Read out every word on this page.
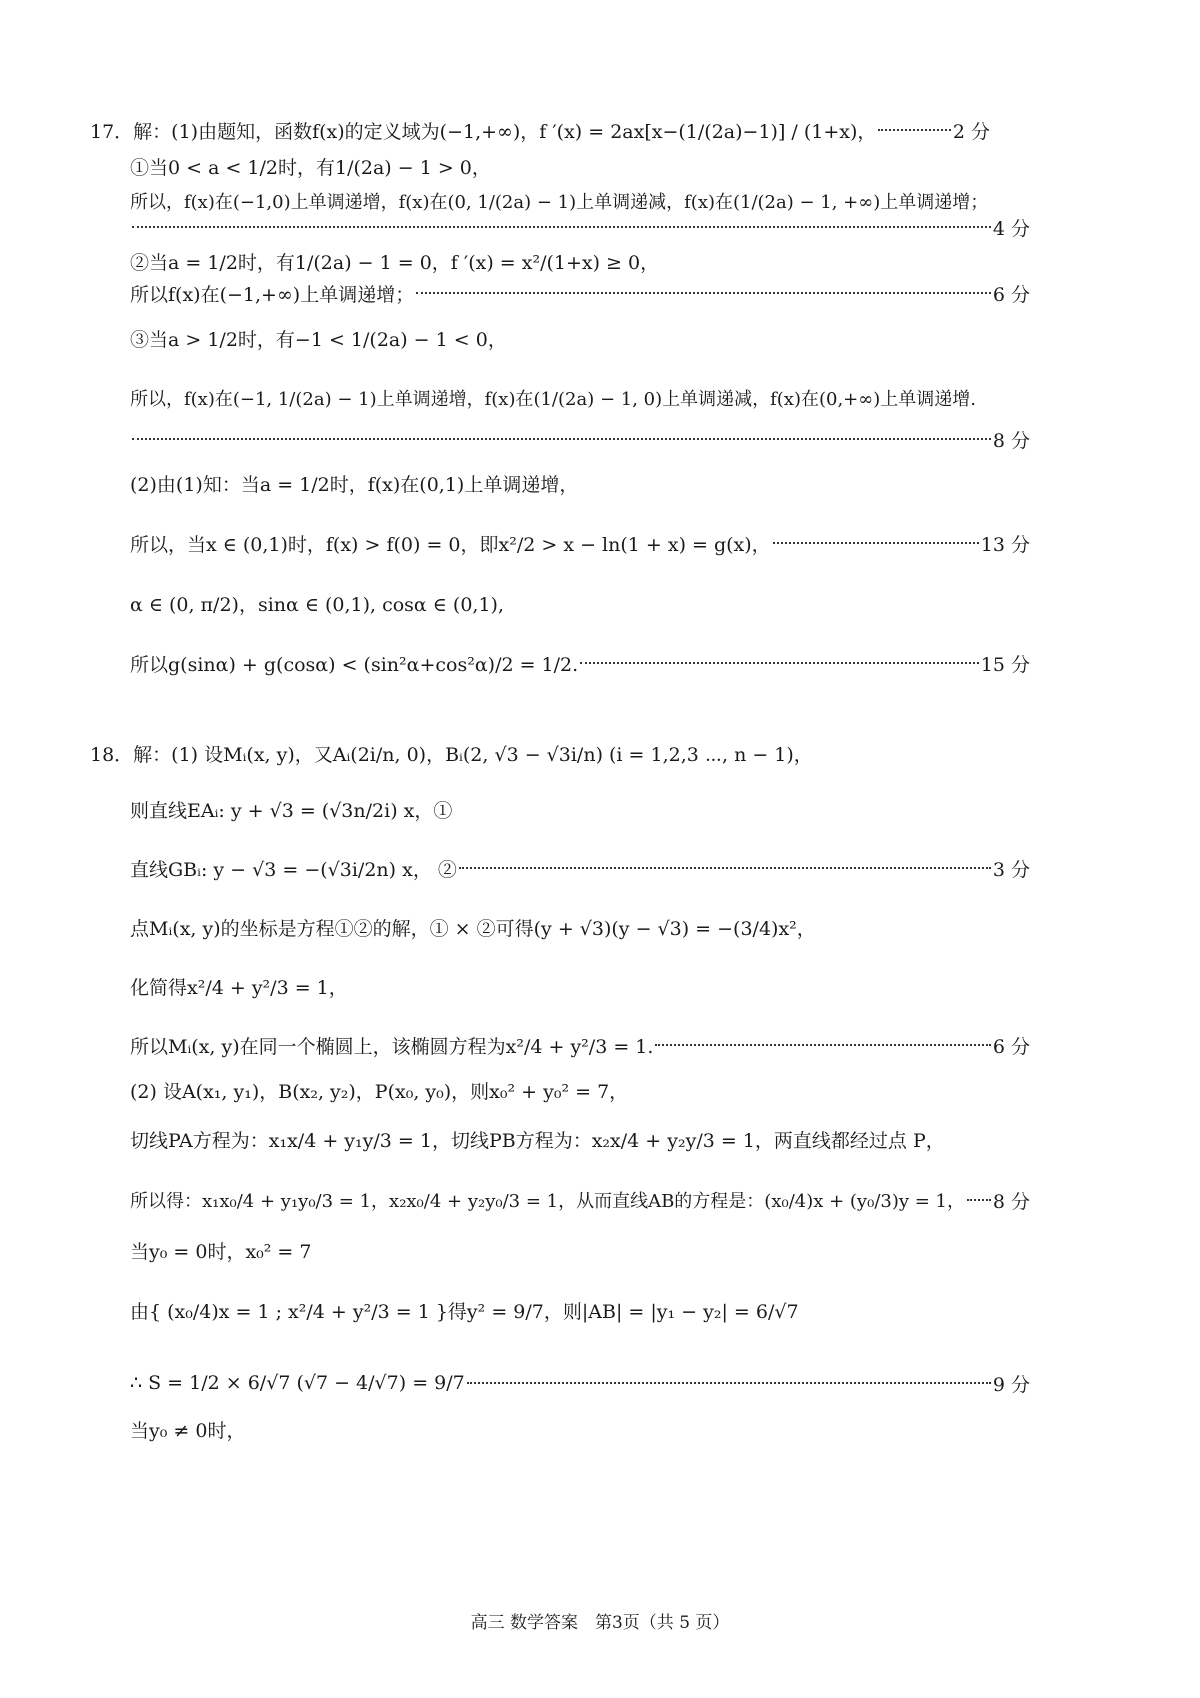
17．解：(1)由题知，函数f(x)的定义域为(−1,+∞)，f ′(x) = 2ax[x−(1/(2a)−1)] / (1+x)，	2 分
①当0 < a < 1/2时，有1/(2a) − 1 > 0，
所以，f(x)在(−1,0)上单调递增，f(x)在(0, 1/(2a) − 1)上单调递减，f(x)在(1/(2a) − 1, +∞)上单调递增；
4 分
②当a = 1/2时，有1/(2a) − 1 = 0，f ′(x) = x²/(1+x) ≥ 0，
所以f(x)在(−1,+∞)上单调递增；	6 分
③当a > 1/2时，有−1 < 1/(2a) − 1 < 0，
所以，f(x)在(−1, 1/(2a) − 1)上单调递增，f(x)在(1/(2a) − 1, 0)上单调递减，f(x)在(0,+∞)上单调递增.
8 分
(2)由(1)知：当a = 1/2时，f(x)在(0,1)上单调递增，
所以，当x ∈ (0,1)时，f(x) > f(0) = 0，即x²/2 > x − ln(1 + x) = g(x)，	13 分
α ∈ (0, π/2)，sinα ∈ (0,1), cosα ∈ (0,1),
所以g(sinα) + g(cosα) < (sin²α+cos²α)/2 = 1/2.	15 分
18．解：(1) 设Mᵢ(x, y)，又Aᵢ(2i/n, 0)，Bᵢ(2, √3 − √3i/n) (i = 1,2,3 ⋯, n − 1)，
则直线EAᵢ: y + √3 = (√3n/2i) x，①
直线GBᵢ: y − √3 = −(√3i/2n) x， ②	3 分
点Mᵢ(x, y)的坐标是方程①②的解，① × ②可得(y + √3)(y − √3) = −(3/4)x²，
化简得x²/4 + y²/3 = 1，
所以Mᵢ(x, y)在同一个椭圆上，该椭圆方程为x²/4 + y²/3 = 1.	6 分
(2) 设A(x₁, y₁)，B(x₂, y₂)，P(x₀, y₀)，则x₀² + y₀² = 7，
切线PA方程为：x₁x/4 + y₁y/3 = 1，切线PB方程为：x₂x/4 + y₂y/3 = 1，两直线都经过点 P，
所以得：x₁x₀/4 + y₁y₀/3 = 1，x₂x₀/4 + y₂y₀/3 = 1，从而直线AB的方程是：(x₀/4)x + (y₀/3)y = 1， 8 分
当y₀ = 0时，x₀² = 7
由{ (x₀/4)x = 1 ; x²/4 + y²/3 = 1 }得y² = 9/7，则|AB| = |y₁ − y₂| = 6/√7
∴ S = 1/2 × 6/√7 (√7 − 4/√7) = 9/7	9 分
当y₀ ≠ 0时，
高三 数学答案　第3页（共 5 页）
